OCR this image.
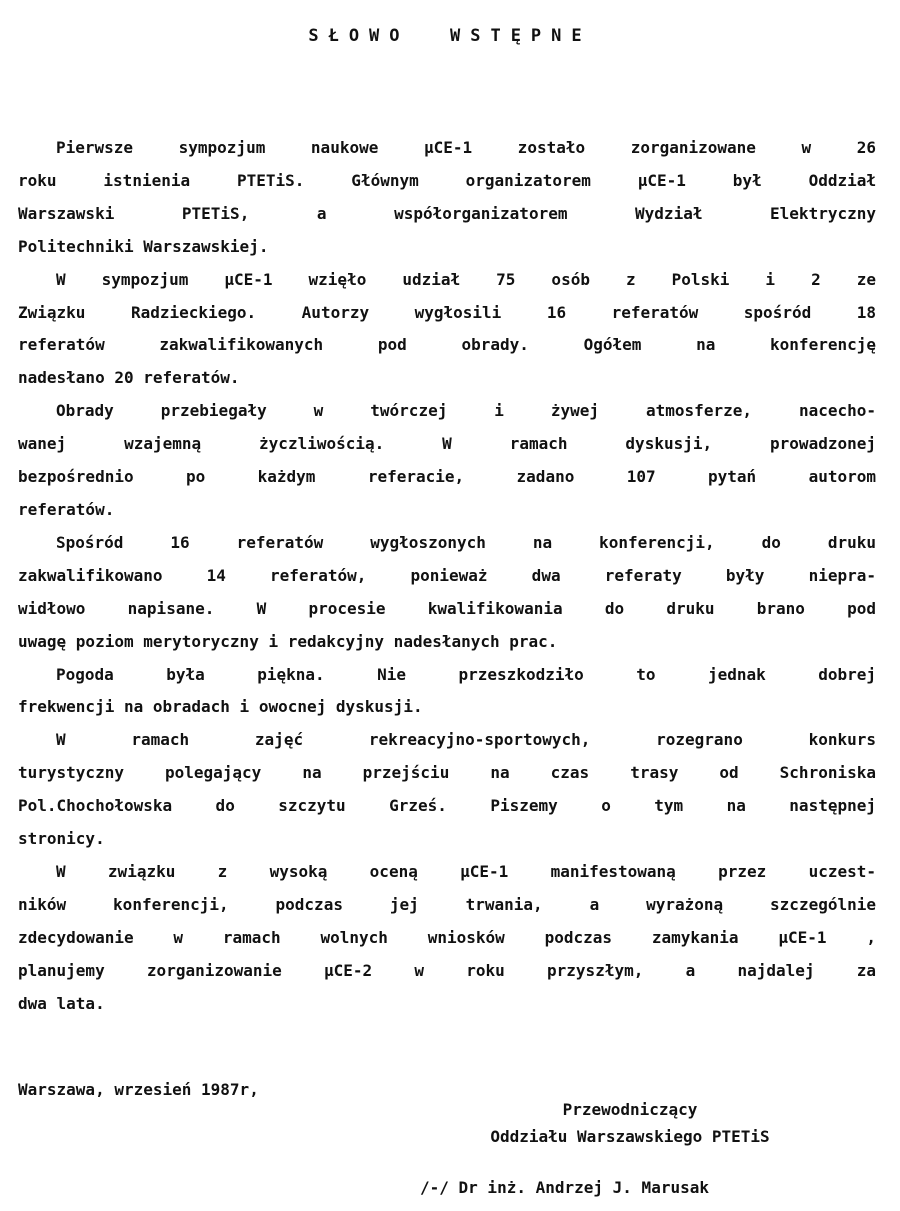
SŁOWO  WSTĘPNE

Pierwsze sympozjum naukowe µCE-1 zostało zorganizowane w 26
roku istnienia PTETiS. Głównym organizatorem µCE-1 był Oddział
Warszawski PTETiS, a współorganizatorem Wydział Elektryczny
Politechniki Warszawskiej.

W sympozjum µCE-1 wzięło udział 75 osób z Polski i 2 ze
Związku Radzieckiego. Autorzy wygłosili 16 referatów spośród 18
referatów zakwalifikowanych pod obrady. Ogółem na konferencję
nadesłano 20 referatów.

Obrady przebiegały w twórczej i żywej atmosferze, nacecho-
wanej wzajemną życzliwością. W ramach dyskusji, prowadzonej
bezpośrednio po każdym referacie, zadano 107 pytań autorom
referatów.

Spośród 16 referatów wygłoszonych na konferencji, do druku
zakwalifikowano 14 referatów, ponieważ dwa referaty były niepra-
widłowo napisane. W procesie kwalifikowania do druku brano pod
uwagę poziom merytoryczny i redakcyjny nadesłanych prac.

Pogoda była piękna. Nie przeszkodziło to jednak dobrej
frekwencji na obradach i owocnej dyskusji.

W ramach zajęć rekreacyjno-sportowych, rozegrano konkurs
turystyczny polegający na przejściu na czas trasy od Schroniska
Pol.Chochołowska do szczytu Grześ. Piszemy o tym na następnej
stronicy.

W związku z wysoką oceną µCE-1 manifestowaną przez uczest-
ników konferencji, podczas jej trwania, a wyrażoną szczególnie
zdecydowanie w ramach wolnych wniosków podczas zamykania µCE-1 ,
planujemy zorganizowanie µCE-2 w roku przyszłym, a najdalej za
dwa lata.

Warszawa, wrzesień 1987r,
Przewodniczący
Oddziału Warszawskiego PTETiS
/-/ Dr inż. Andrzej J. Marusak
